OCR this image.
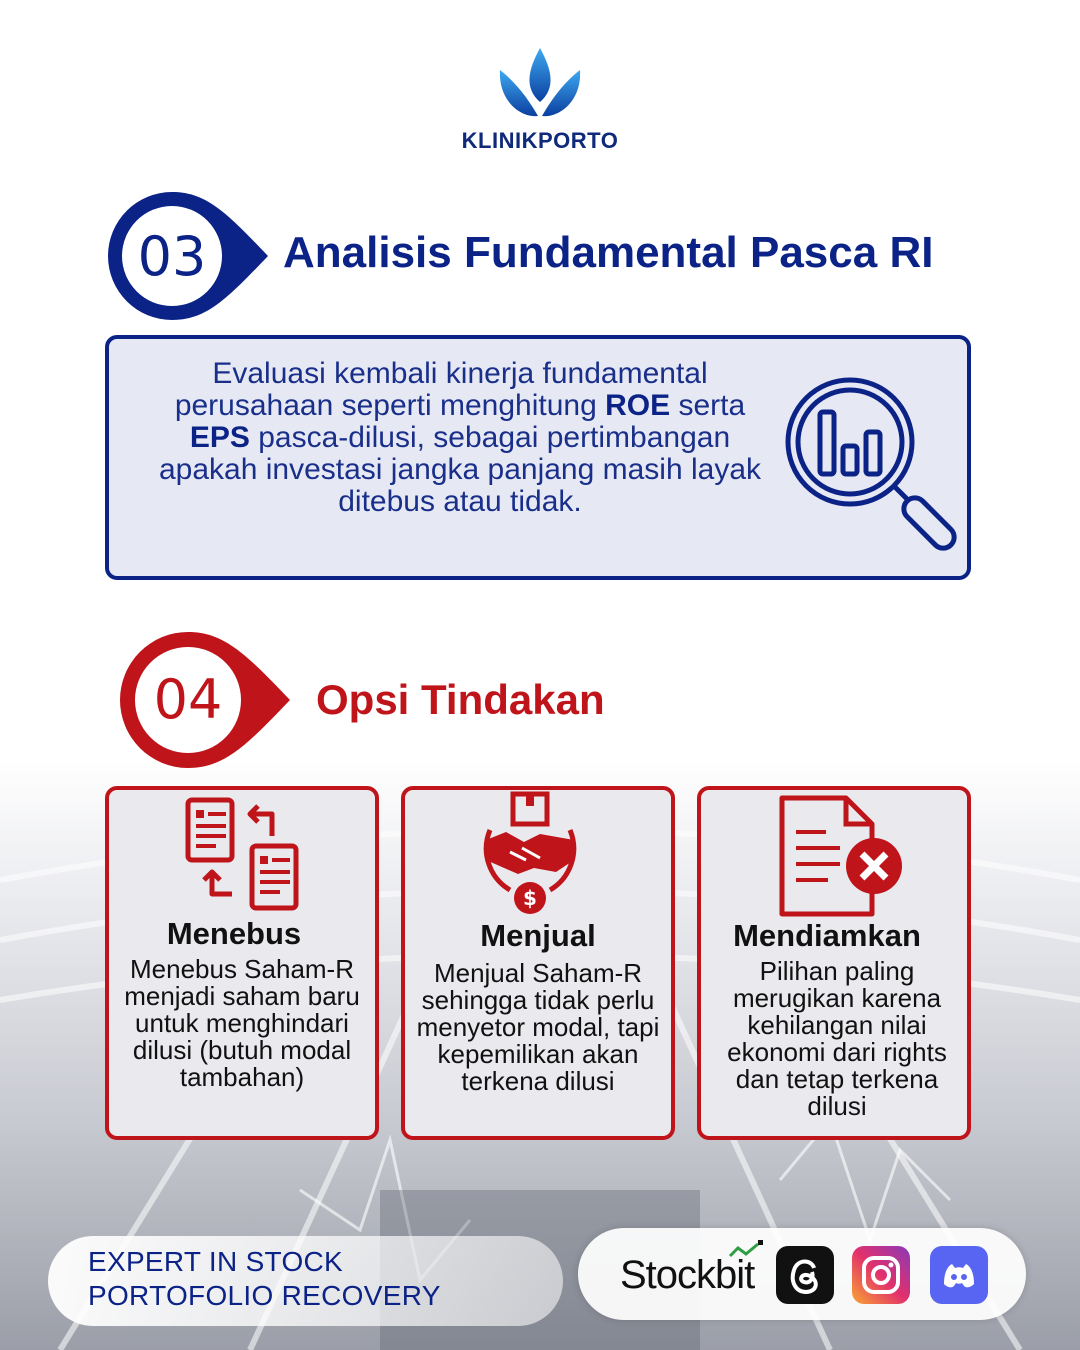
KLINIKPORTO
03	Analisis Fundamental Pasca RI
Evaluasi kembali kinerja fundamental perusahaan seperti menghitung ROE serta EPS pasca-dilusi, sebagai pertimbangan apakah investasi jangka panjang masih layak ditebus atau tidak.
04	Opsi Tindakan
Menebus
Menebus Saham-R menjadi saham baru untuk menghindari dilusi (butuh modal tambahan)
$
Menjual
Menjual Saham-R sehingga tidak perlu menyetor modal, tapi kepemilikan akan terkena dilusi
Mendiamkan
Pilihan paling merugikan karena kehilangan nilai ekonomi dari rights dan tetap terkena dilusi
EXPERT IN STOCK
PORTOFOLIO RECOVERY	Stockbit
